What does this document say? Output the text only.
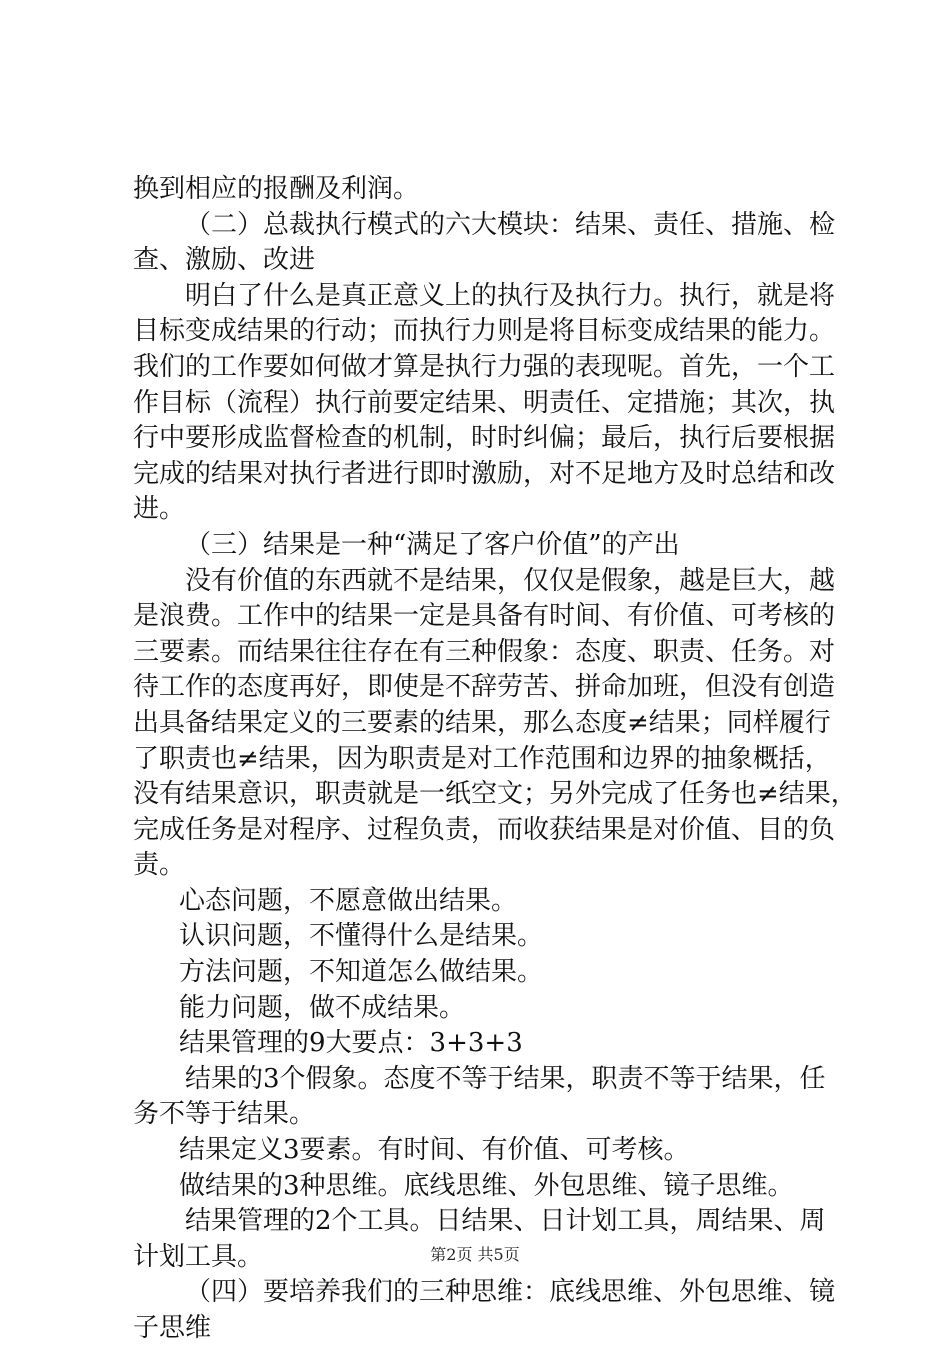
换到相应的报酬及利润。
（二）总裁执行模式的六大模块：结果、责任、措施、检
查、激励、改进
明白了什么是真正意义上的执行及执行力。执行，就是将
目标变成结果的行动；而执行力则是将目标变成结果的能力。
我们的工作要如何做才算是执行力强的表现呢。首先，一个工
作目标（流程）执行前要定结果、明责任、定措施；其次，执
行中要形成监督检查的机制，时时纠偏；最后，执行后要根据
完成的结果对执行者进行即时激励，对不足地方及时总结和改
进。
（三）结果是一种“满足了客户价值”的产出
没有价值的东西就不是结果，仅仅是假象，越是巨大，越
是浪费。工作中的结果一定是具备有时间、有价值、可考核的
三要素。而结果往往存在有三种假象：态度、职责、任务。对
待工作的态度再好，即使是不辞劳苦、拼命加班，但没有创造
出具备结果定义的三要素的结果，那么态度≠结果；同样履行
了职责也≠结果，因为职责是对工作范围和边界的抽象概括，
没有结果意识，职责就是一纸空文；另外完成了任务也≠结果，
完成任务是对程序、过程负责，而收获结果是对价值、目的负
责。
心态问题，不愿意做出结果。
认识问题，不懂得什么是结果。
方法问题，不知道怎么做结果。
能力问题，做不成结果。
结果管理的9大要点：3+3+3
结果的3个假象。态度不等于结果，职责不等于结果，任
务不等于结果。
结果定义3要素。有时间、有价值、可考核。
做结果的3种思维。底线思维、外包思维、镜子思维。
结果管理的2个工具。日结果、日计划工具，周结果、周
计划工具。
（四）要培养我们的三种思维：底线思维、外包思维、镜
子思维
第2页 共5页
